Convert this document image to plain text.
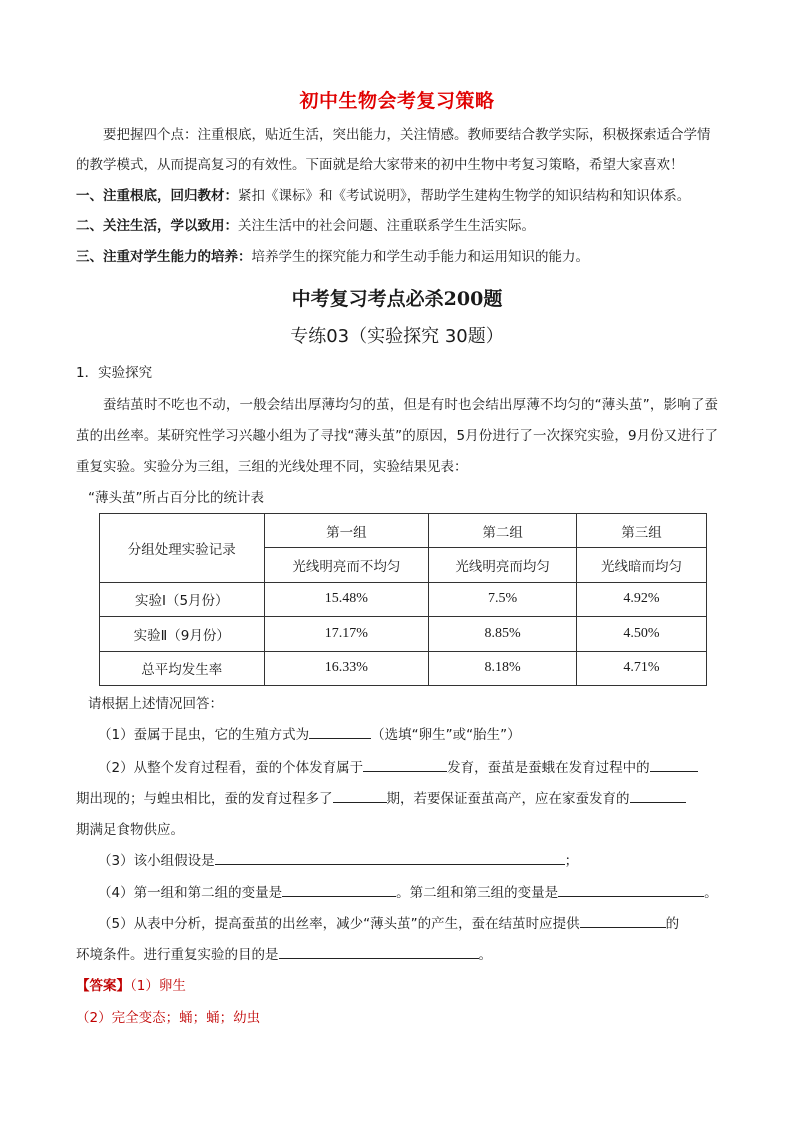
初中生物会考复习策略
要把握四个点：注重根底，贴近生活，突出能力，关注情感。教师要结合教学实际，积极探索适合学情的教学模式，从而提高复习的有效性。下面就是给大家带来的初中生物中考复习策略，希望大家喜欢！
一、注重根底，回归教材：紧扣《课标》和《考试说明》，帮助学生建构生物学的知识结构和知识体系。
二、关注生活，学以致用：关注生活中的社会问题、注重联系学生生活实际。
三、注重对学生能力的培养：培养学生的探究能力和学生动手能力和运用知识的能力。
中考复习考点必杀200题
专练03（实验探究 30题）
1．实验探究
蚕结茧时不吃也不动，一般会结出厚薄均匀的茧，但是有时也会结出厚薄不均匀的“薄头茧”，影响了蚕茧的出丝率。某研究性学习兴趣小组为了寻找“薄头茧”的原因，5月份进行了一次探究实验，9月份又进行了重复实验。实验分为三组，三组的光线处理不同，实验结果见表：
“薄头茧”所占百分比的统计表
分组处理实验记录	第一组	第二组	第三组
	光线明亮而不均匀	光线明亮而均匀	光线暗而均匀
实验Ⅰ（5月份）	15.48%	7.5%	4.92%
实验Ⅱ（9月份）	17.17%	8.85%	4.50%
总平均发生率	16.33%	8.18%	4.71%
请根据上述情况回答：
（1）蚕属于昆虫，它的生殖方式为	（选填“卵生”或“胎生”）
（2）从整个发育过程看，蚕的个体发育属于	发育，蚕茧是蚕蛾在发育过程中的
期出现的；与蝗虫相比，蚕的发育过程多了	期，若要保证蚕茧高产，应在家蚕发育的
期满足食物供应。
（3）该小组假设是	；
（4）第一组和第二组的变量是	。第二组和第三组的变量是	。
（5）从表中分析，提高蚕茧的出丝率，减少“薄头茧”的产生，蚕在结茧时应提供	的
环境条件。进行重复实验的目的是	。
【答案】（1）卵生
（2）完全变态；蛹；蛹；幼虫
